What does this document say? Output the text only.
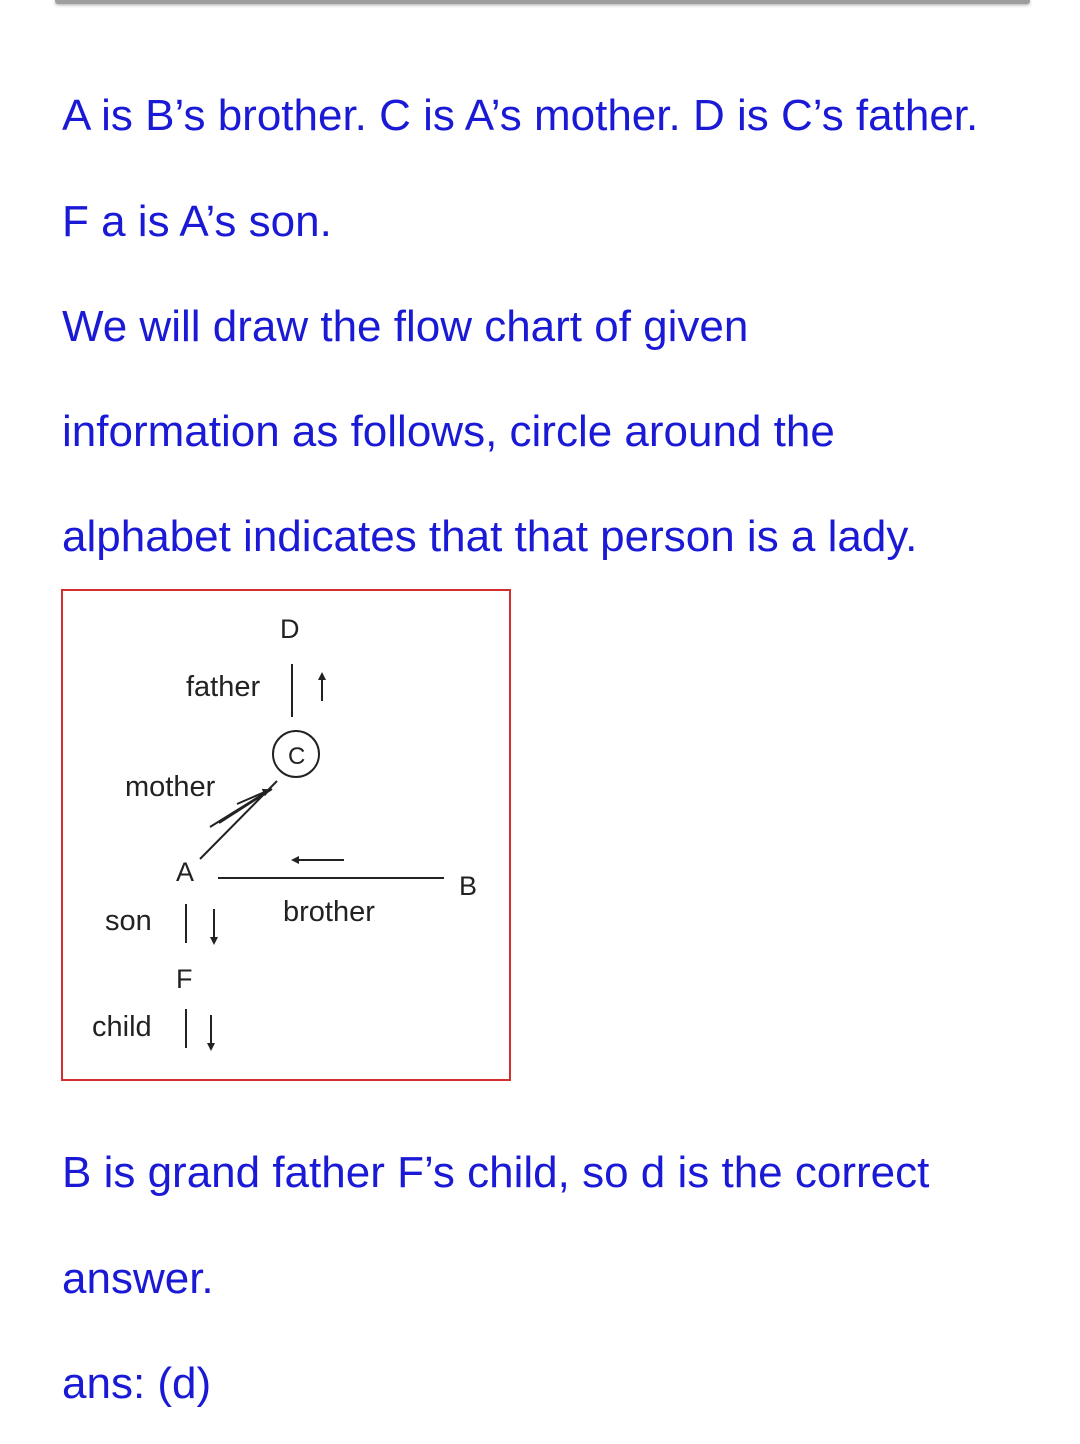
A is B’s brother. C is A’s mother. D is C’s father.

F a is A’s son.

We will draw the flow chart of given

information as follows, circle around the

alphabet indicates that that person is a lady.

D
father
C
mother
A	B
brother
son
F
child

B is grand father F’s child, so d is the correct

answer.

ans: (d)
